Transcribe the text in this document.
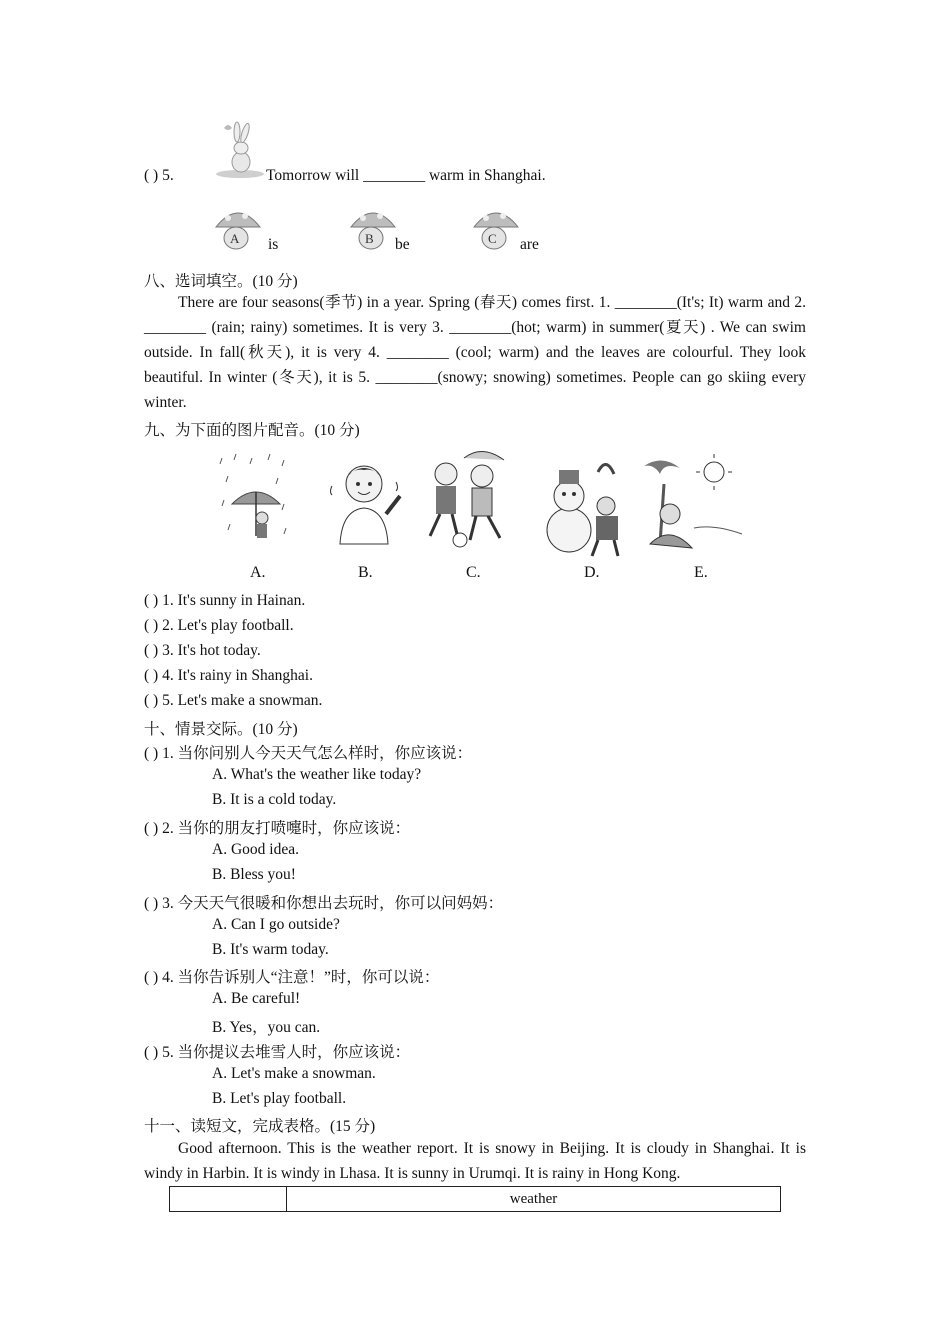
( ) 5.	Tomorrow will ________ warm in Shanghai.
A is	B be	C are
八、选词填空。(10 分)
There are four seasons(季节) in a year. Spring (春天) comes first. 1. ________(It's; It) warm and 2. ________ (rain; rainy) sometimes. It is very 3. ________(hot; warm) in summer(夏天) . We can swim outside. In fall(秋天), it is very 4. ________ (cool; warm) and the leaves are colourful. They look beautiful. In winter (冬天), it is 5. ________(snowy; snowing) sometimes. People can go skiing every winter.
九、为下面的图片配音。(10 分)
A.	B.	C.	D.	E.
( ) 1. It's sunny in Hainan.
( ) 2. Let's play football.
( ) 3. It's hot today.
( ) 4. It's rainy in Shanghai.
( ) 5. Let's make a snowman.
十、情景交际。(10 分)
( ) 1. 当你问别人今天天气怎么样时，你应该说：
A. What's the weather like today?
B. It is a cold today.
( ) 2. 当你的朋友打喷嚏时，你应该说：
A. Good idea.
B. Bless you!
( ) 3. 今天天气很暖和你想出去玩时，你可以问妈妈：
A. Can I go outside?
B. It's warm today.
( ) 4. 当你告诉别人“注意！”时，你可以说：
A. Be careful!
B. Yes，you can.
( ) 5. 当你提议去堆雪人时，你应该说：
A. Let's make a snowman.
B. Let's play football.
十一、读短文，完成表格。(15 分)
Good afternoon. This is the weather report. It is snowy in Beijing. It is cloudy in Shanghai. It is windy in Harbin. It is windy in Lhasa. It is sunny in Urumqi. It is rainy in Hong Kong.
	weather
